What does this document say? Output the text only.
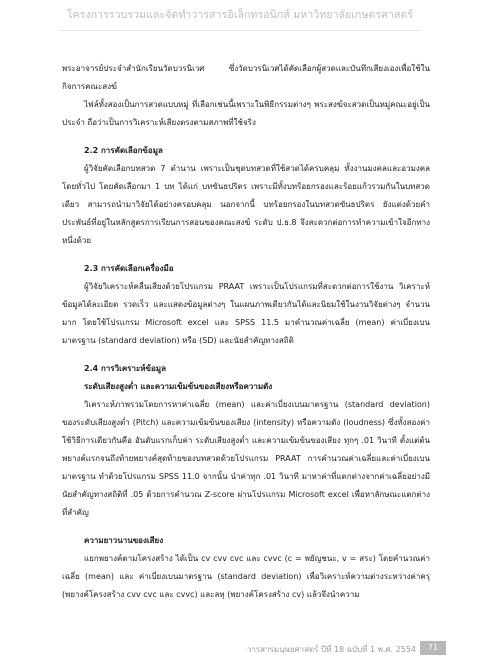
โครงการรวบรวมและจัดทำวารสารอิเล็กทรอนิกส์ มหาวิทยาลัยเกษตรศาสตร์

พระอาจารย์ประจำสำนักเรียนวัดบวรนิเวศ ซึ่งวัดบวรนิเวศได้คัดเลือกผู้สวดและบันทึกเสียงเองเพื่อใช้ในกิจการคณะสงฆ์

ไฟล์ทั้งสองเป็นการสวดแบบหมู่ ที่เลือกเช่นนี้เพราะในพิธีกรรมต่างๆ พระสงฆ์จะสวดเป็นหมู่คณะอยู่เป็นประจำ ถือว่าเป็นการวิเคราะห์เสียงตรงตามสภาพที่ใช้จริง

2.2 การคัดเลือกข้อมูล

ผู้วิจัยคัดเลือกบทสวด 7 ตำนาน เพราะเป็นชุดบทสวดที่ใช้สวดได้ครบคลุม ทั้งงานมงคลและอวมงคลโดยทั่วไป โดยคัดเลือกมา 1 บท ได้แก่ บทขันธปริตร เพราะมีทั้งบทร้อยกรองและร้อยแก้วรวมกันในบทสวดเดียว สามารถนำมาวิจัยได้อย่างครอบคลุม นอกจากนี้ บทร้อยกรองในบทสวดขันธปริตร ยังแต่งด้วยคำประพันธ์ที่อยู่ในหลักสูตรการเรียนการสอนของคณะสงฆ์ ระดับ ป.ธ.8 จึงสะดวกต่อการทำความเข้าใจอีกทางหนึ่งด้วย

2.3 การคัดเลือกเครื่องมือ

ผู้วิจัยวิเคราะห์คลื่นเสียงด้วยโปรแกรม PRAAT เพราะเป็นโปรแกรมที่สะดวกต่อการใช้งาน วิเคราะห์ข้อมูลได้ละเอียด รวดเร็ว และแสดงข้อมูลต่างๆ ในแผนภาพเดียวกันได้และนิยมใช้ในงานวิจัยต่างๆ จำนวนมาก โดยใช้โปรแกรม Microsoft excel และ SPSS 11.5 มาคำนวณค่าเฉลี่ย (mean) ค่าเบี่ยงเบนมาตรฐาน (standard deviation) หรือ (SD) และนัยสำคัญทางสถิติ

2.4 การวิเคราะห์ข้อมูล

ระดับเสียงสูงต่ำ และความเข้มข้นของเสียงหรือความดัง

วิเคราะห์ภาพรวมโดยการหาค่าเฉลี่ย (mean) และค่าเบี่ยงเบนมาตรฐาน (standard deviation) ของระดับเสียงสูงต่ำ (Pitch) และความเข้มข้นของเสียง (intensity) หรือความดัง (loudness) ซึ่งทั้งสองค่าใช้วิธีการเดียวกันคือ อันดับแรกเก็บค่า ระดับเสียงสูงต่ำ และความเข้มข้นของเสียง ทุกๆ .01 วินาที ตั้งแต่ต้นพยางค์แรกจนถึงท้ายพยางค์สุดท้ายของบทสวดด้วยโปรแกรม PRAAT การคำนวณค่าเฉลี่ยและค่าเบี่ยงเบนมาตรฐาน ทำด้วยโปรแกรม SPSS 11.0 จากนั้น นำค่าทุก .01 วินาที มาหาค่าที่แตกต่างจากค่าเฉลี่ยอย่างมีนัยสำคัญทางสถิติที่ .05 ด้วยการคำนวณ Z-score ผ่านโปรแกรม Microsoft excel เพื่อหาลักษณะแตกต่างที่สำคัญ

ความยาวนานของเสียง

แยกพยางค์ตามโครงสร้าง ได้เป็น cv cvv cvc และ cvvc (c = พยัญชนะ, v = สระ) โดยคำนวณค่าเฉลี่ย (mean) และ ค่าเบี่ยงเบนมาตรฐาน (standard deviation) เพื่อวิเคราะห์ความต่างระหว่างค่าครุ (พยางค์โครงสร้าง cvv cvc และ cvvc) และลหุ (พยางค์โครงสร้าง cv) แล้วจึงนำความ

วารสารมนุษยศาสตร์ ปีที่ 18 ฉบับที่ 1 พ.ศ. 2554	71
